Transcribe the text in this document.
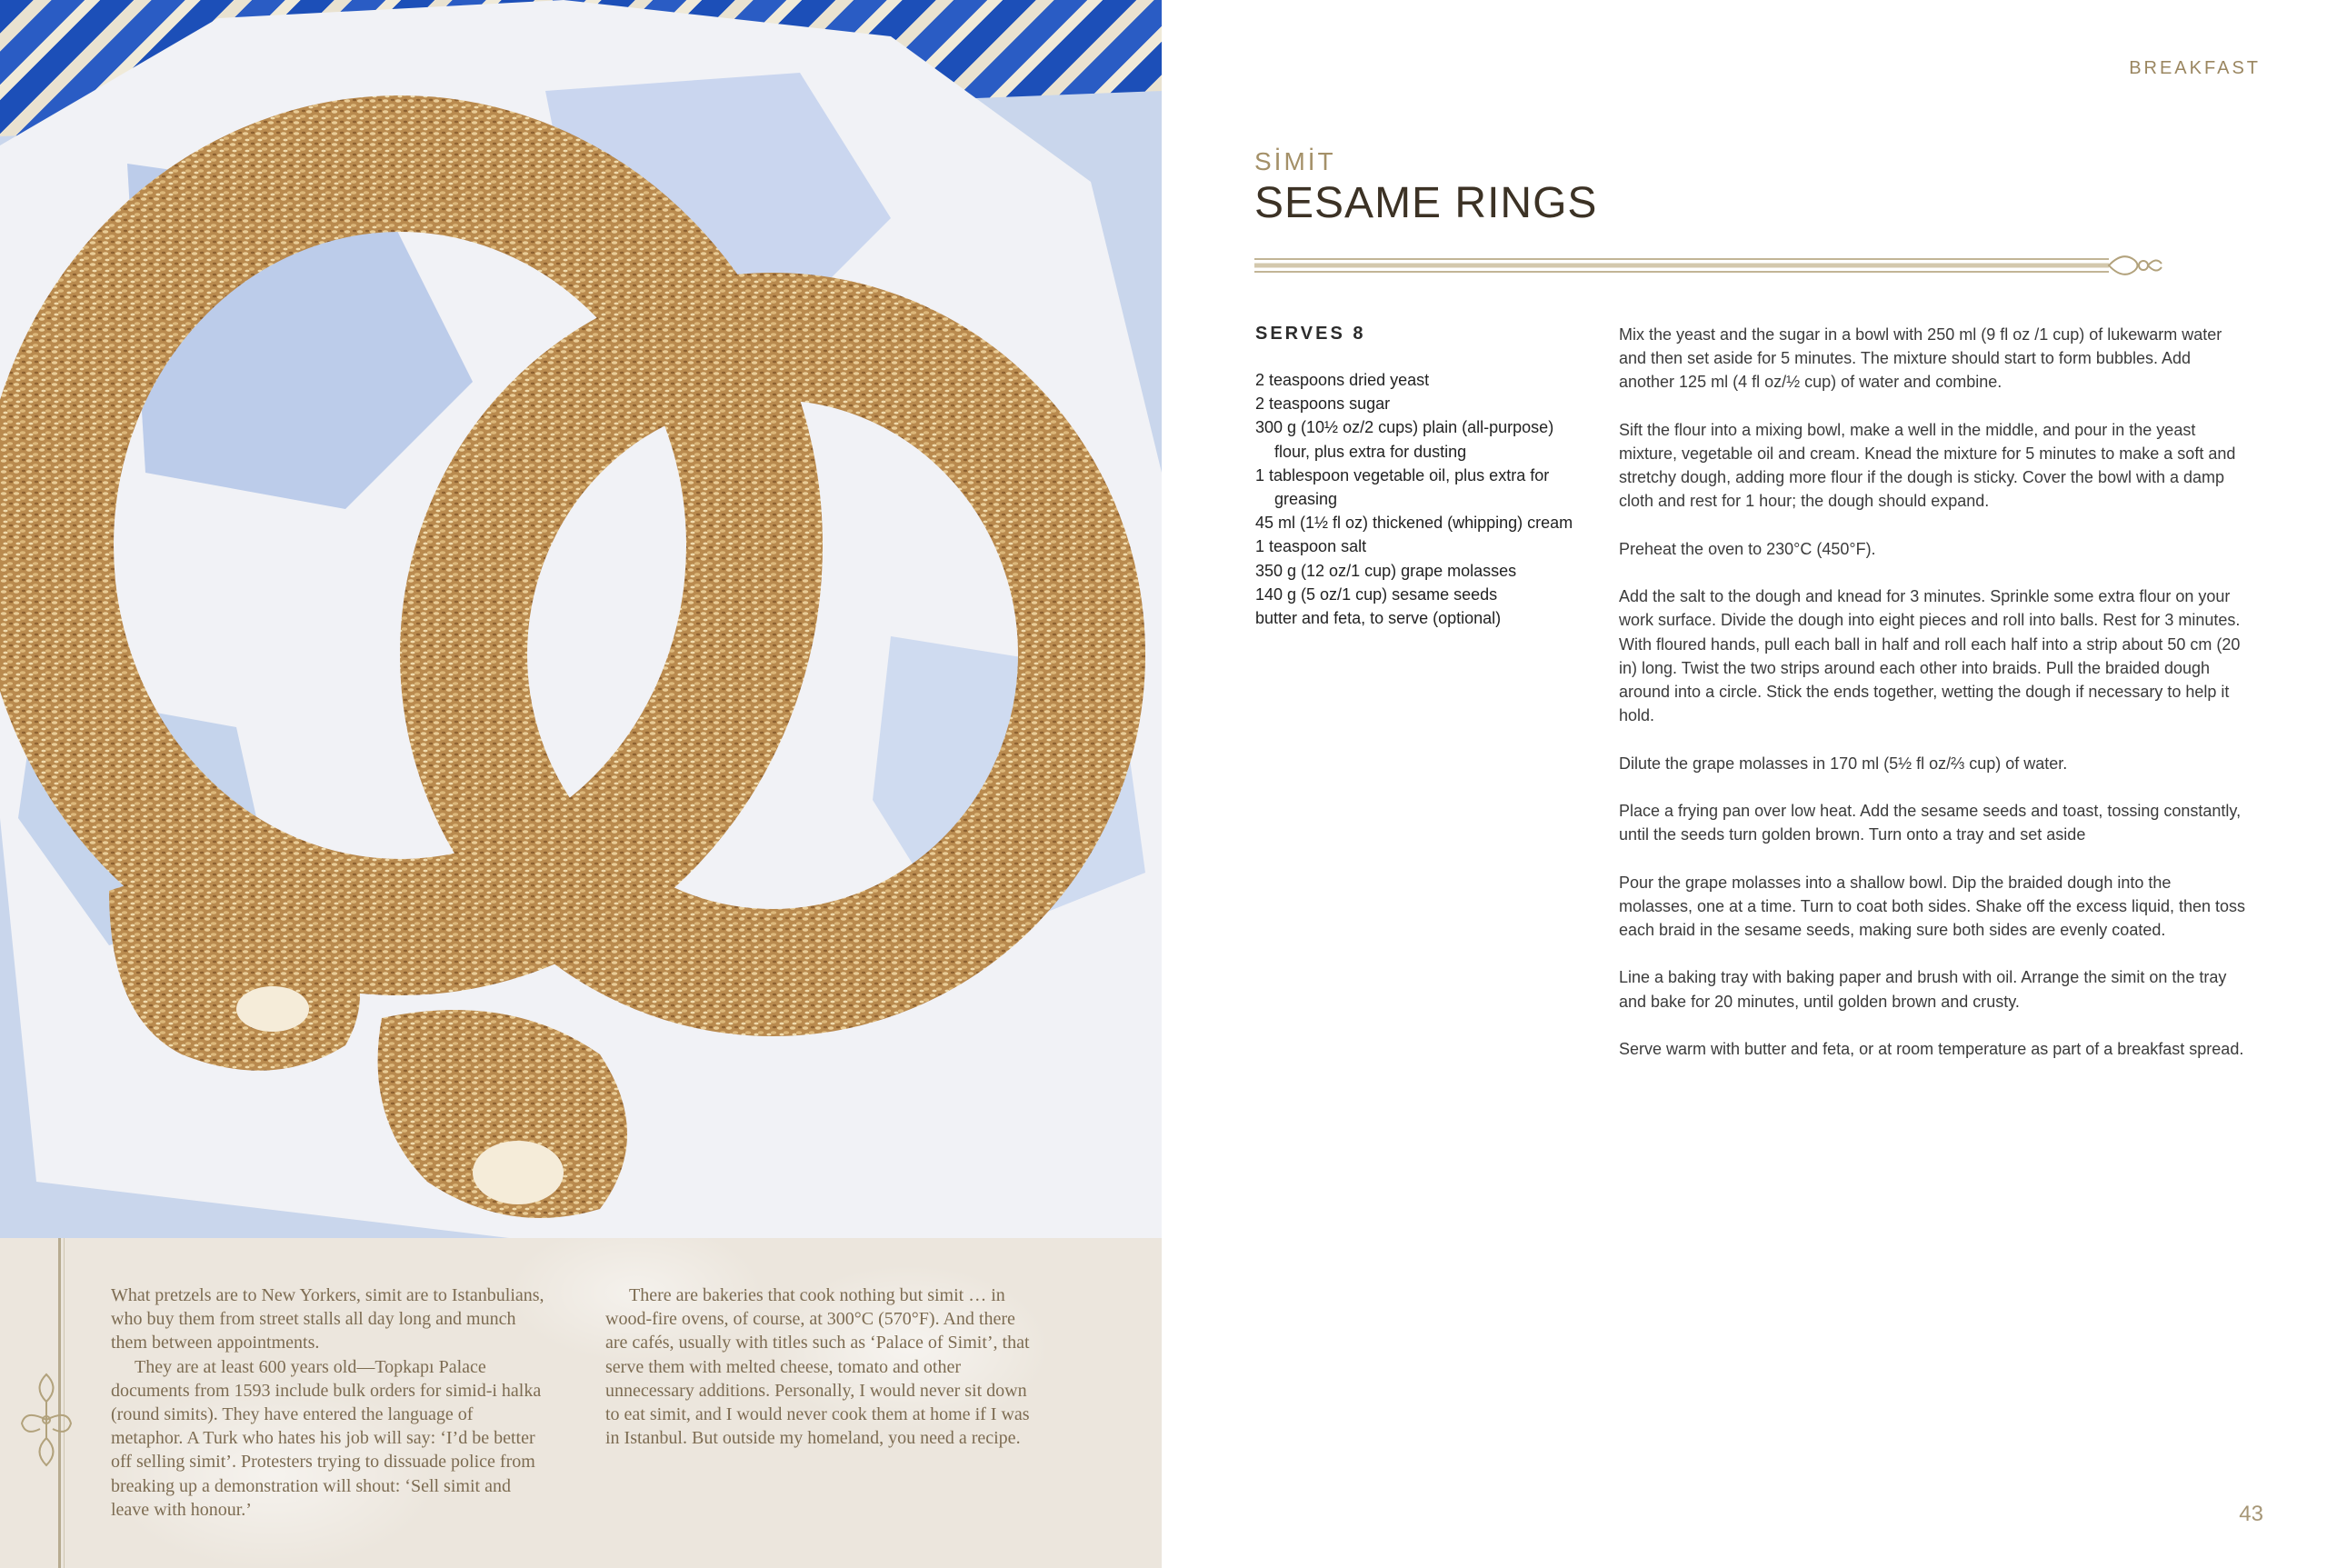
What pretzels are to New Yorkers, simit are to Istanbulians, who buy them from street stalls all day long and munch them between appointments.

They are at least 600 years old—Topkapı Palace documents from 1593 include bulk orders for simid-i halka (round simits). They have entered the language of metaphor. A Turk who hates his job will say: ‘I’d be better off selling simit’. Protesters trying to dissuade police from breaking up a demonstration will shout: ‘Sell simit and leave with honour.’

There are bakeries that cook nothing but simit … in wood-fire ovens, of course, at 300°C (570°F). And there are cafés, usually with titles such as ‘Palace of Simit’, that serve them with melted cheese, tomato and other unnecessary additions. Personally, I would never sit down to eat simit, and I would never cook them at home if I was in Istanbul. But outside my homeland, you need a recipe.

BREAKFAST
SİMİT
SESAME RINGS
SERVES 8
2 teaspoons dried yeast
2 teaspoons sugar
300 g (10½ oz/2 cups) plain (all-purpose) flour, plus extra for dusting
1 tablespoon vegetable oil, plus extra for greasing
45 ml (1½ fl oz) thickened (whipping) cream
1 teaspoon salt
350 g (12 oz/1 cup) grape molasses
140 g (5 oz/1 cup) sesame seeds
butter and feta, to serve (optional)

Mix the yeast and the sugar in a bowl with 250 ml (9 fl oz /1 cup) of lukewarm water and then set aside for 5 minutes. The mixture should start to form bubbles. Add another 125 ml (4 fl oz/½ cup) of water and combine.

Sift the flour into a mixing bowl, make a well in the middle, and pour in the yeast mixture, vegetable oil and cream. Knead the mixture for 5 minutes to make a soft and stretchy dough, adding more flour if the dough is sticky. Cover the bowl with a damp cloth and rest for 1 hour; the dough should expand.

Preheat the oven to 230°C (450°F).

Add the salt to the dough and knead for 3 minutes. Sprinkle some extra flour on your work surface. Divide the dough into eight pieces and roll into balls. Rest for 3 minutes. With floured hands, pull each ball in half and roll each half into a strip about 50 cm (20 in) long. Twist the two strips around each other into braids. Pull the braided dough around into a circle. Stick the ends together, wetting the dough if necessary to help it hold.

Dilute the grape molasses in 170 ml (5½ fl oz/⅔ cup) of water.

Place a frying pan over low heat. Add the sesame seeds and toast, tossing constantly, until the seeds turn golden brown. Turn onto a tray and set aside

Pour the grape molasses into a shallow bowl. Dip the braided dough into the molasses, one at a time. Turn to coat both sides. Shake off the excess liquid, then toss each braid in the sesame seeds, making sure both sides are evenly coated.

Line a baking tray with baking paper and brush with oil. Arrange the simit on the tray and bake for 20 minutes, until golden brown and crusty.

Serve warm with butter and feta, or at room temperature as part of a breakfast spread.

43
